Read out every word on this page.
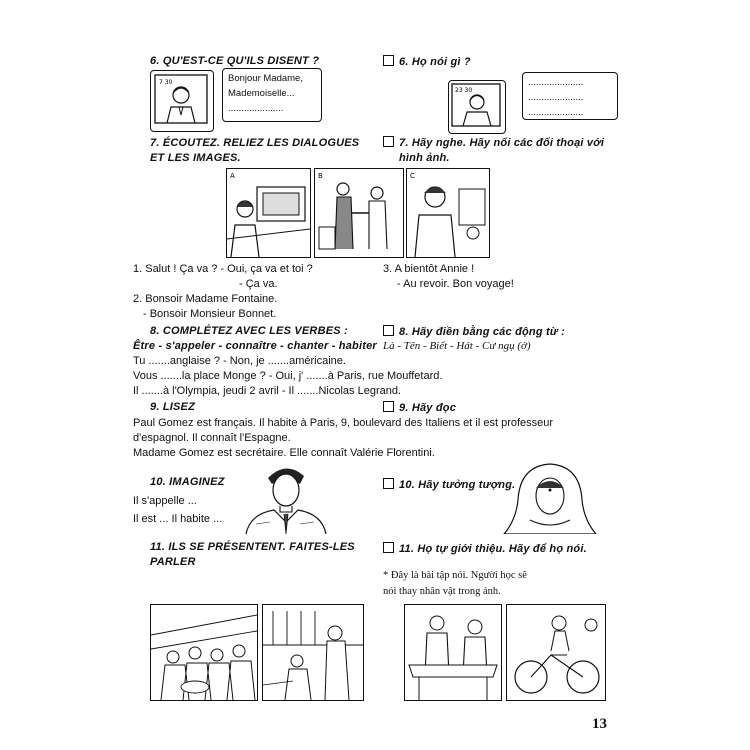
6. QU'EST-CE QU'ILS DISENT ?	6. Họ nói gì ?
7 30	Bonjour Madame,
Mademoiselle...
.....................
23 30
.....................
.....................
.....................
7. ÉCOUTEZ. RELIEZ LES DIALOGUES
ET LES IMAGES.
7. Hãy nghe. Hãy nối các đối thoại với
hình ảnh.
A	B	C
1. Salut ! Ça va ? - Oui, ça va et toi ?
- Ça va.
2. Bonsoir Madame Fontaine.
- Bonsoir Monsieur Bonnet.
3. A bientôt Annie !
- Au revoir. Bon voyage!
8. COMPLÉTEZ AVEC LES VERBES :
Être - s'appeler - connaître - chanter - habiter
8. Hãy điền bằng các động từ :
Là - Tên - Biết - Hát - Cư ngụ (ở)
Tu .......anglaise ? - Non, je .......américaine.
Vous .......la place Monge ? - Oui, j' .......à Paris, rue Mouffetard.
Il .......à l'Olympia, jeudi 2 avril - Il .......Nicolas Legrand.
9. LISEZ	9. Hãy đọc
Paul Gomez est français. Il habite à Paris, 9, boulevard des Italiens et il est professeur
d'espagnol. Il connaît l'Espagne.
Madame Gomez est secrétaire. Elle connaît Valérie Florentini.
10. IMAGINEZ
Il s'appelle ...
Il est ... Il habite ...
10. Hãy tưởng tượng.
11. ILS SE PRÉSENTENT. FAITES-LES
PARLER
11. Họ tự giới thiệu. Hãy để họ nói.
* Đây là bài tập nói. Người học sẽ
nói thay nhân vật trong ảnh.
13
